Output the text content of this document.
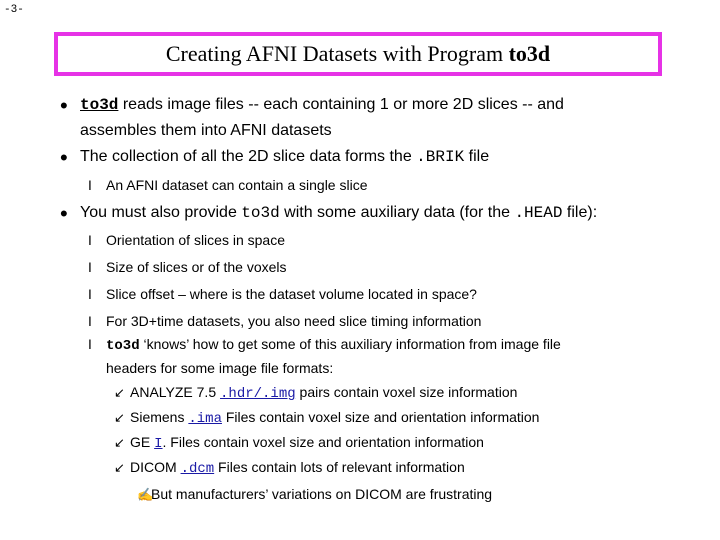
-3-
Creating AFNI Datasets with Program to3d
• to3d reads image files -- each containing 1 or more 2D slices -- and
assembles them into AFNI datasets
• The collection of all the 2D slice data forms the .BRIK file
Ⅰ An AFNI dataset can contain a single slice
• You must also provide to3d with some auxiliary data (for the .HEAD file):
Ⅰ Orientation of slices in space
Ⅰ Size of slices or of the voxels
Ⅰ Slice offset – where is the dataset volume located in space?
Ⅰ For 3D+time datasets, you also need slice timing information
Ⅰ to3d ‘knows’ how to get some of this auxiliary information from image file
headers for some image file formats:
↙ ANALYZE 7.5 .hdr/.img pairs contain voxel size information
↙ Siemens .ima Files contain voxel size and orientation information
↙ GE I. Files contain voxel size and orientation information
↙ DICOM .dcm Files contain lots of relevant information
✍
But manufacturers’ variations on DICOM are frustrating
